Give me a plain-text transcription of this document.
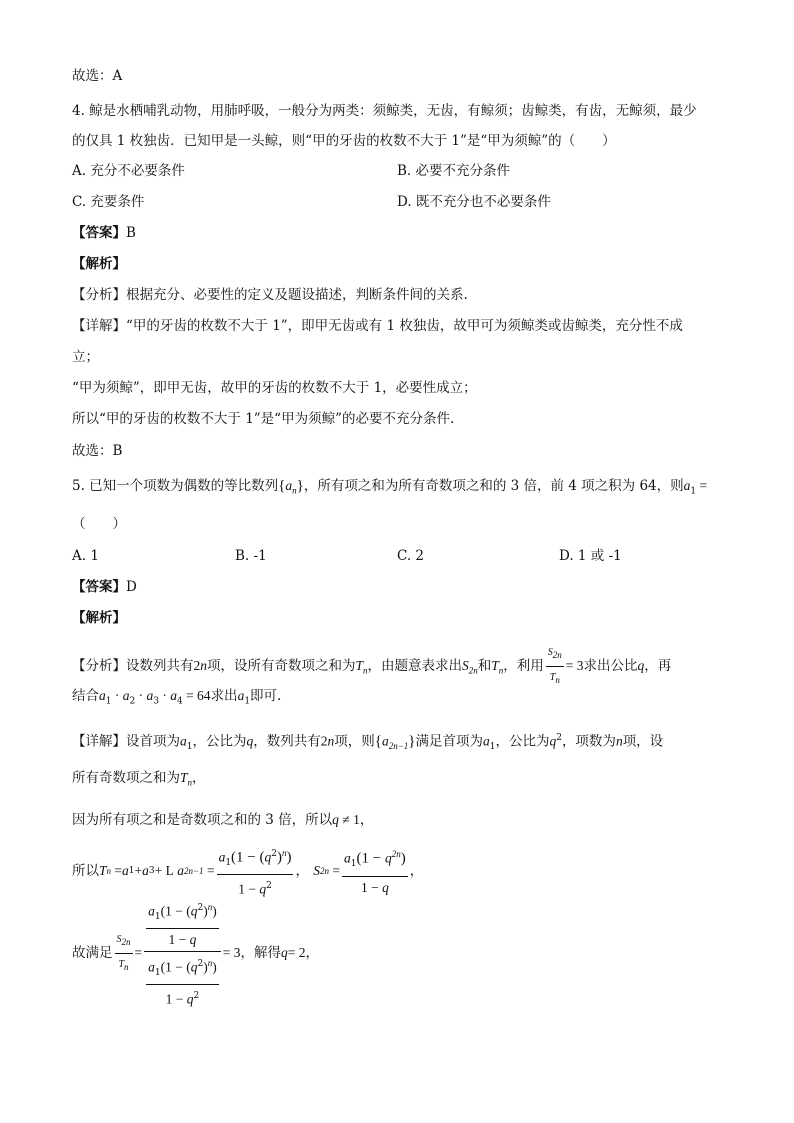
故选：A
4. 鲸是水栖哺乳动物，用肺呼吸，一般分为两类：须鲸类，无齿，有鲸须；齿鲸类，有齿，无鲸须，最少
的仅具 1 枚独齿．已知甲是一头鲸，则“甲的牙齿的枚数不大于 1”是“甲为须鲸”的（　　）
A. 充分不必要条件	B. 必要不充分条件
C. 充要条件	D. 既不充分也不必要条件
【答案】B
【解析】
【分析】根据充分、必要性的定义及题设描述，判断条件间的关系.
【详解】“甲的牙齿的枚数不大于 1”，即甲无齿或有 1 枚独齿，故甲可为须鲸类或齿鲸类，充分性不成
立；
“甲为须鲸”，即甲无齿，故甲的牙齿的枚数不大于 1，必要性成立；
所以“甲的牙齿的枚数不大于 1”是“甲为须鲸”的必要不充分条件.
故选：B
5. 已知一个项数为偶数的等比数列$\{a_n\}$，所有项之和为所有奇数项之和的 3 倍，前 4 项之积为 64，则$a_1$ =
（　　）
A. 1	B. -1	C. 2	D. 1 或 -1
【答案】D
【解析】
【分析】设数列共有2n项，设所有奇数项之和为$T_n$，由题意表求出$S_{2n}$和$T_n$，利用 $\frac{S_{2n}}{T_n} = 3$求出公比q，再
结合$a_1 \cdot a_2 \cdot a_3 \cdot a_4 = 64$求出$a_1$即可.
【详解】设首项为$a_1$，公比为q，数列共有2n项，则$\{a_{2n-1}\}$满足首项为$a_1$，公比为$q^2$，项数为n项，设
所有奇数项之和为$T_n$，
因为所有项之和是奇数项之和的 3 倍，所以q ≠ 1，
所以 T n = a 1 + a 3 + L a $2n-1 = \frac{a_1(1 - (q^2)^n)}{1 - q^2}$ ，
S $2n = \frac{a_1(1 - q^{2n})}{1 - q}$ ，
故满足 $\frac{S_{2n}}{T_n} = \frac{\frac{a_1(1 - (q^2)^n)}{1 - q}}{\frac{a_1(1 - (q^2)^n)}{1 - q^2}} = 3$ ，解得 q = 2 ，
